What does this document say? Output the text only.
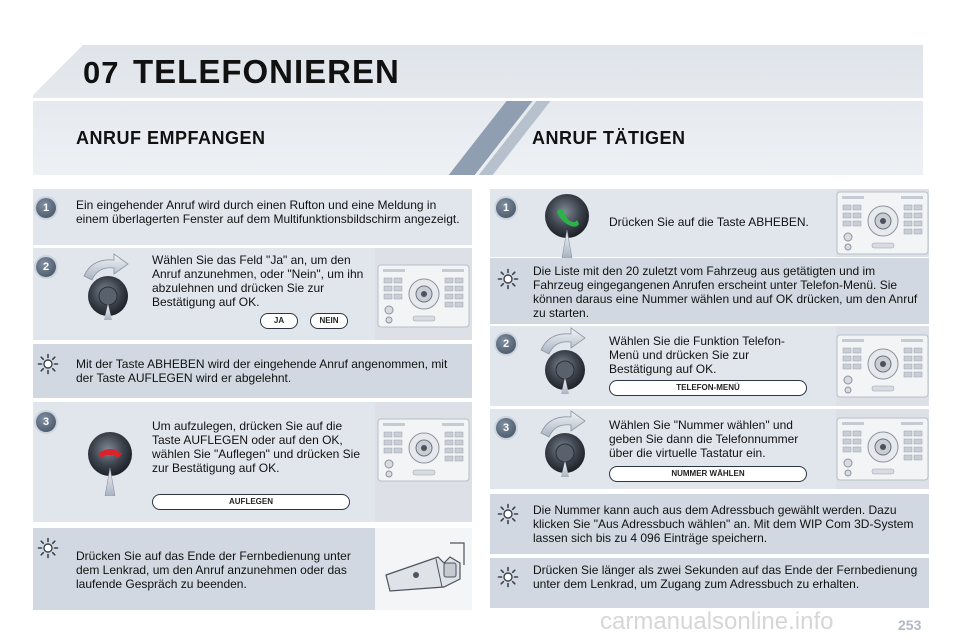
07 TELEFONIEREN
ANRUF EMPFANGEN	ANRUF TÄTIGEN
1	Ein eingehender Anruf wird durch einen Rufton und eine Meldung in einem überlagerten Fenster auf dem Multifunktionsbildschirm angezeigt.
2	Wählen Sie das Feld "Ja" an, um den Anruf anzunehmen, oder "Nein", um ihn abzulehnen und drücken Sie zur Bestätigung auf OK.
JA	NEIN
Mit der Taste ABHEBEN wird der eingehende Anruf angenommen, mit der Taste AUFLEGEN wird er abgelehnt.
3	Um aufzulegen, drücken Sie auf die Taste AUFLEGEN oder auf den OK, wählen Sie "Auflegen" und drücken Sie zur Bestätigung auf OK.
AUFLEGEN
Drücken Sie auf das Ende der Fernbedienung unter dem Lenkrad, um den Anruf anzunehmen oder das laufende Gespräch zu beenden.
1
Drücken Sie auf die Taste ABHEBEN.
Die Liste mit den 20 zuletzt vom Fahrzeug aus getätigten und im Fahrzeug eingegangenen Anrufen erscheint unter Telefon-Menü. Sie können daraus eine Nummer wählen und auf OK drücken, um den Anruf zu starten.
2	Wählen Sie die Funktion Telefon-Menü und drücken Sie zur Bestätigung auf OK.
TELEFON-MENÜ
3	Wählen Sie "Nummer wählen" und geben Sie dann die Telefonnummer über die virtuelle Tastatur ein.
NUMMER WÄHLEN
Die Nummer kann auch aus dem Adressbuch gewählt werden. Dazu klicken Sie "Aus Adressbuch wählen" an. Mit dem WIP Com 3D-System lassen sich bis zu 4 096 Einträge speichern.
Drücken Sie länger als zwei Sekunden auf das Ende der Fernbedienung unter dem Lenkrad, um Zugang zum Adressbuch zu erhalten.
carmanualsonline.info	253
